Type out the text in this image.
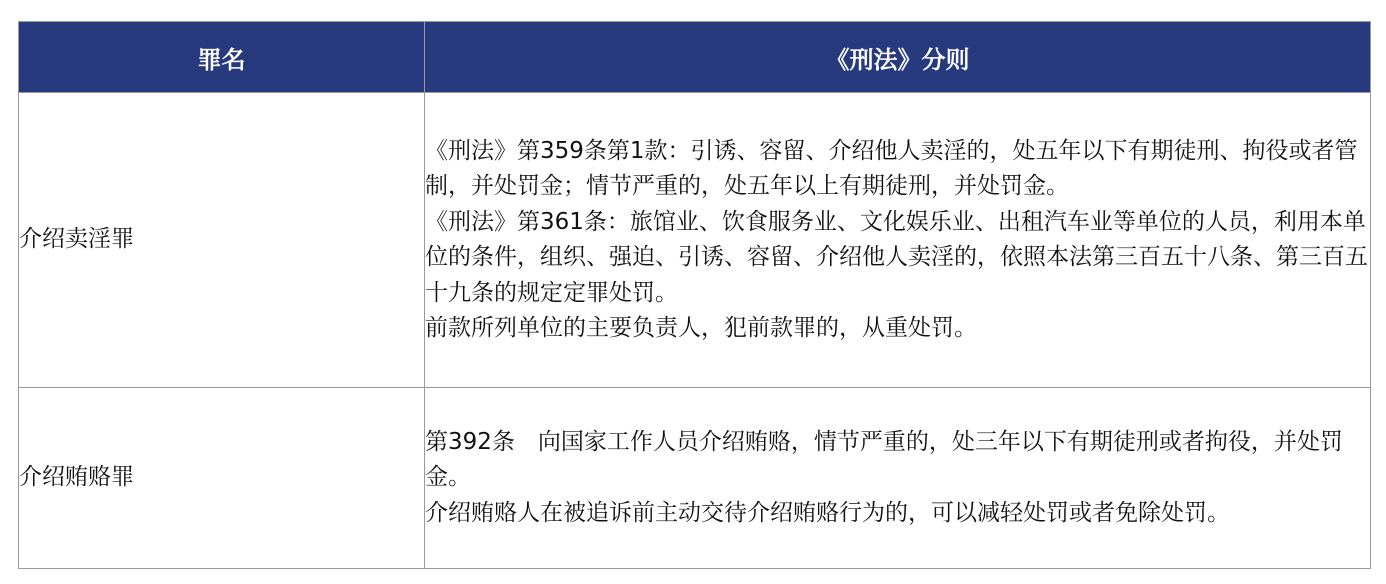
罪名	《刑法》分则
介绍卖淫罪	《刑法》第359条第1款：引诱、容留、介绍他人卖淫的，处五年以下有期徒刑、拘役或者管制，并处罚金；情节严重的，处五年以上有期徒刑，并处罚金。
《刑法》第361条：旅馆业、饮食服务业、文化娱乐业、出租汽车业等单位的人员，利用本单位的条件，组织、强迫、引诱、容留、介绍他人卖淫的，依照本法第三百五十八条、第三百五十九条的规定定罪处罚。
前款所列单位的主要负责人，犯前款罪的，从重处罚。

介绍贿赂罪	第392条　向国家工作人员介绍贿赂，情节严重的，处三年以下有期徒刑或者拘役，并处罚金。
介绍贿赂人在被追诉前主动交待介绍贿赂行为的，可以减轻处罚或者免除处罚。
